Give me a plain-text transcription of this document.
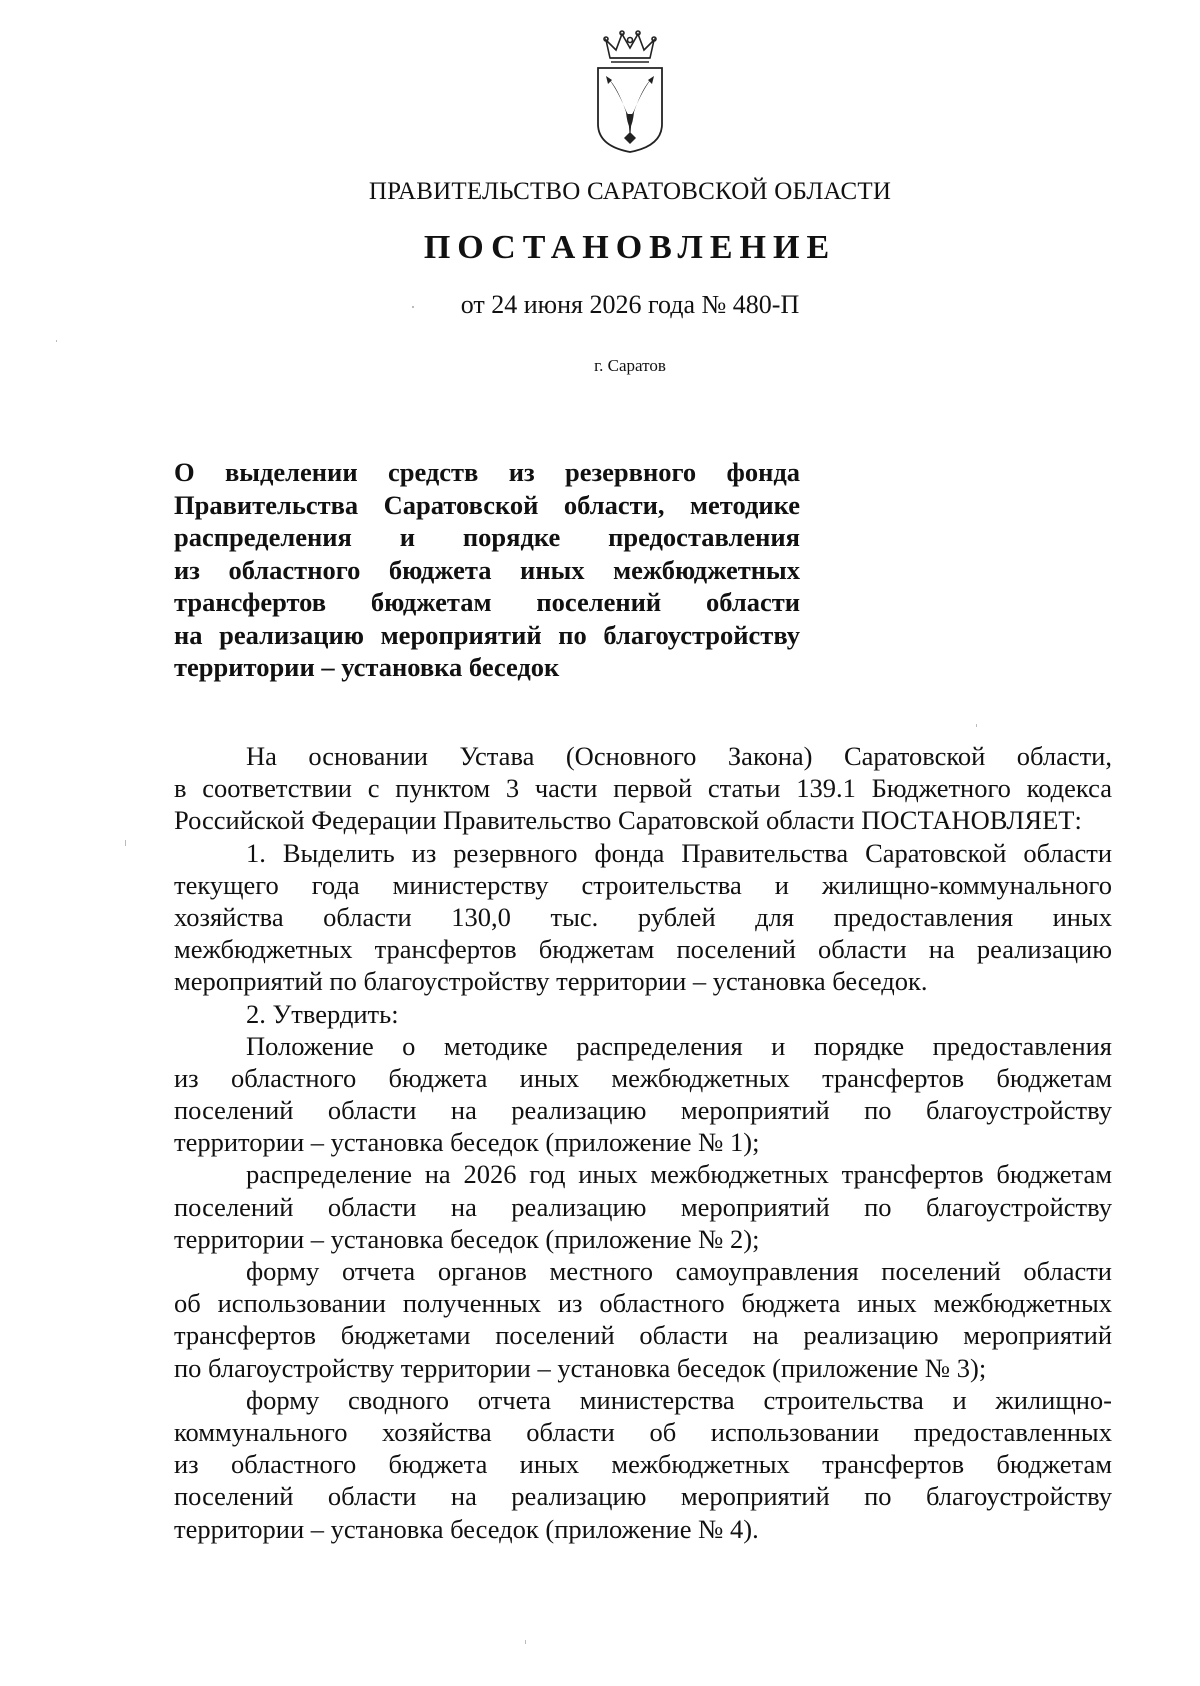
ПРАВИТЕЛЬСТВО САРАТОВСКОЙ ОБЛАСТИ
ПОСТАНОВЛЕНИЕ
от 24 июня 2026 года № 480-П
г. Саратов
О выделении средств из резервного фонда
Правительства Саратовской области, методике
распределения и порядке предоставления
из областного бюджета иных межбюджетных
трансфертов бюджетам поселений области
на реализацию мероприятий по благоустройству
территории – установка беседок
На основании Устава (Основного Закона) Саратовской области,
в соответствии с пунктом 3 части первой статьи 139.1 Бюджетного кодекса
Российской Федерации Правительство Саратовской области ПОСТАНОВЛЯЕТ:
1. Выделить из резервного фонда Правительства Саратовской области
текущего года министерству строительства и жилищно-коммунального
хозяйства области 130,0 тыс. рублей для предоставления иных
межбюджетных трансфертов бюджетам поселений области на реализацию
мероприятий по благоустройству территории – установка беседок.
2. Утвердить:
Положение о методике распределения и порядке предоставления
из областного бюджета иных межбюджетных трансфертов бюджетам
поселений области на реализацию мероприятий по благоустройству
территории – установка беседок (приложение № 1);
распределение на 2026 год иных межбюджетных трансфертов бюджетам
поселений области на реализацию мероприятий по благоустройству
территории – установка беседок (приложение № 2);
форму отчета органов местного самоуправления поселений области
об использовании полученных из областного бюджета иных межбюджетных
трансфертов бюджетами поселений области на реализацию мероприятий
по благоустройству территории – установка беседок (приложение № 3);
форму сводного отчета министерства строительства и жилищно-
коммунального хозяйства области об использовании предоставленных
из областного бюджета иных межбюджетных трансфертов бюджетам
поселений области на реализацию мероприятий по благоустройству
территории – установка беседок (приложение № 4).
